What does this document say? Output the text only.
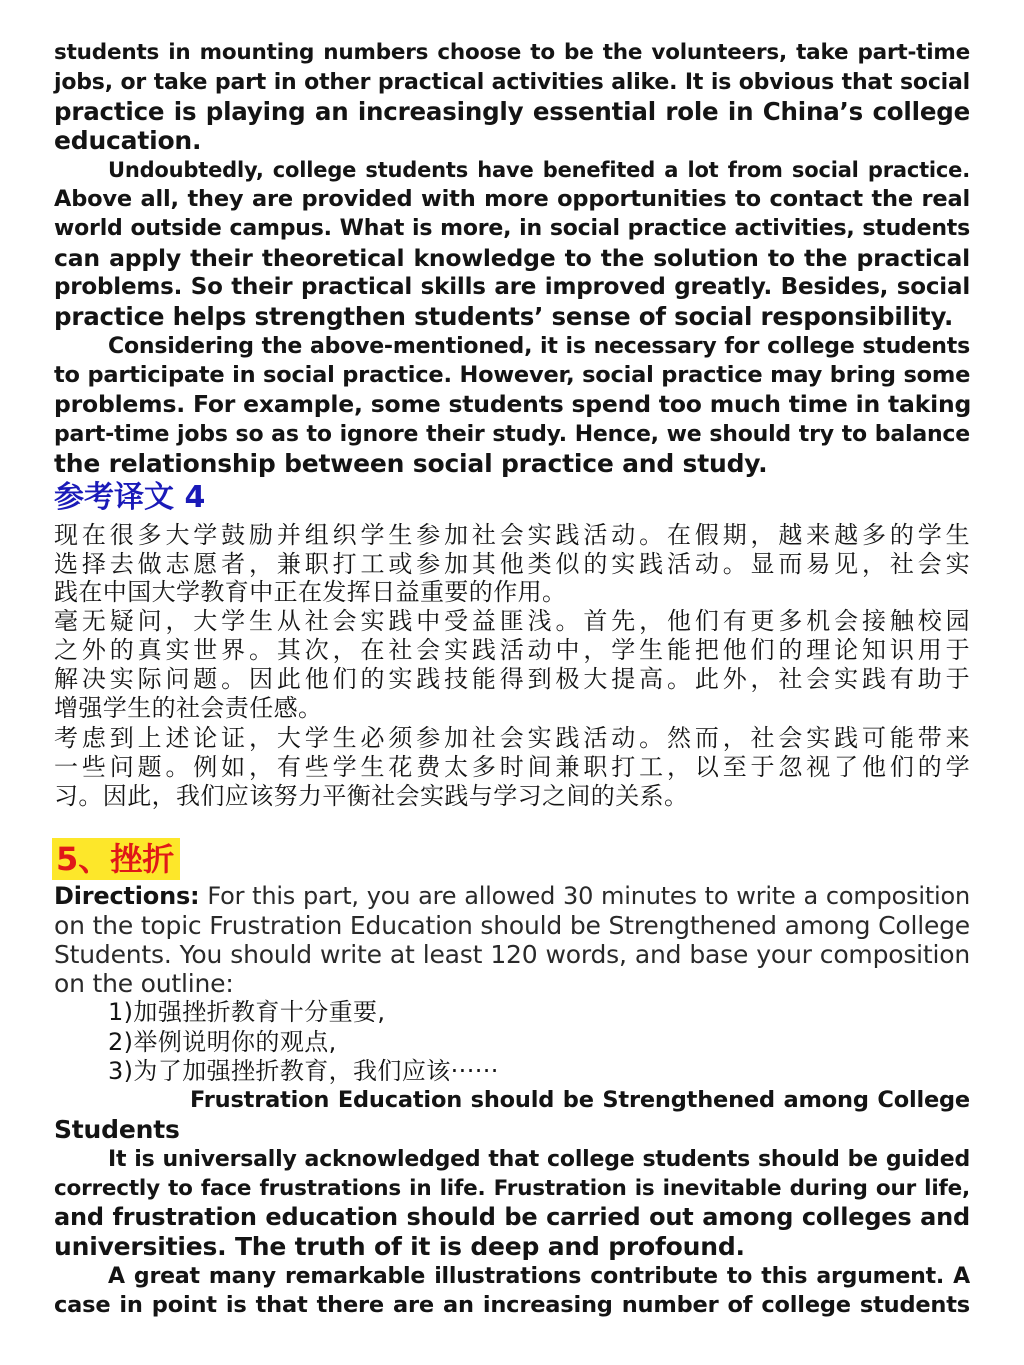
students in mounting numbers choose to be the volunteers, take part-time
jobs, or take part in other practical activities alike. It is obvious that social
practice is playing an increasingly essential role in China’s college
education.
Undoubtedly, college students have benefited a lot from social practice.
Above all, they are provided with more opportunities to contact the real
world outside campus. What is more, in social practice activities, students
can apply their theoretical knowledge to the solution to the practical
problems. So their practical skills are improved greatly. Besides, social
practice helps strengthen students’ sense of social responsibility.
Considering the above-mentioned, it is necessary for college students
to participate in social practice. However, social practice may bring some
problems. For example, some students spend too much time in taking
part-time jobs so as to ignore their study. Hence, we should try to balance
the relationship between social practice and study.
参考译文 4
现在很多大学鼓励并组织学生参加社会实践活动。在假期，越来越多的学生
选择去做志愿者，兼职打工或参加其他类似的实践活动。显而易见，社会实
践在中国大学教育中正在发挥日益重要的作用。
毫无疑问，大学生从社会实践中受益匪浅。首先，他们有更多机会接触校园
之外的真实世界。其次，在社会实践活动中，学生能把他们的理论知识用于
解决实际问题。因此他们的实践技能得到极大提高。此外，社会实践有助于
增强学生的社会责任感。
考虑到上述论证，大学生必须参加社会实践活动。然而，社会实践可能带来
一些问题。例如，有些学生花费太多时间兼职打工，以至于忽视了他们的学
习。因此，我们应该努力平衡社会实践与学习之间的关系。
5、挫折
Directions: For this part, you are allowed 30 minutes to write a composition
on the topic Frustration Education should be Strengthened among College
Students. You should write at least 120 words, and base your composition
on the outline:
1)加强挫折教育十分重要,
2)举例说明你的观点,
3)为了加强挫折教育，我们应该······
Frustration Education should be Strengthened among College
Students
It is universally acknowledged that college students should be guided
correctly to face frustrations in life. Frustration is inevitable during our life,
and frustration education should be carried out among colleges and
universities. The truth of it is deep and profound.
A great many remarkable illustrations contribute to this argument. A
case in point is that there are an increasing number of college students
